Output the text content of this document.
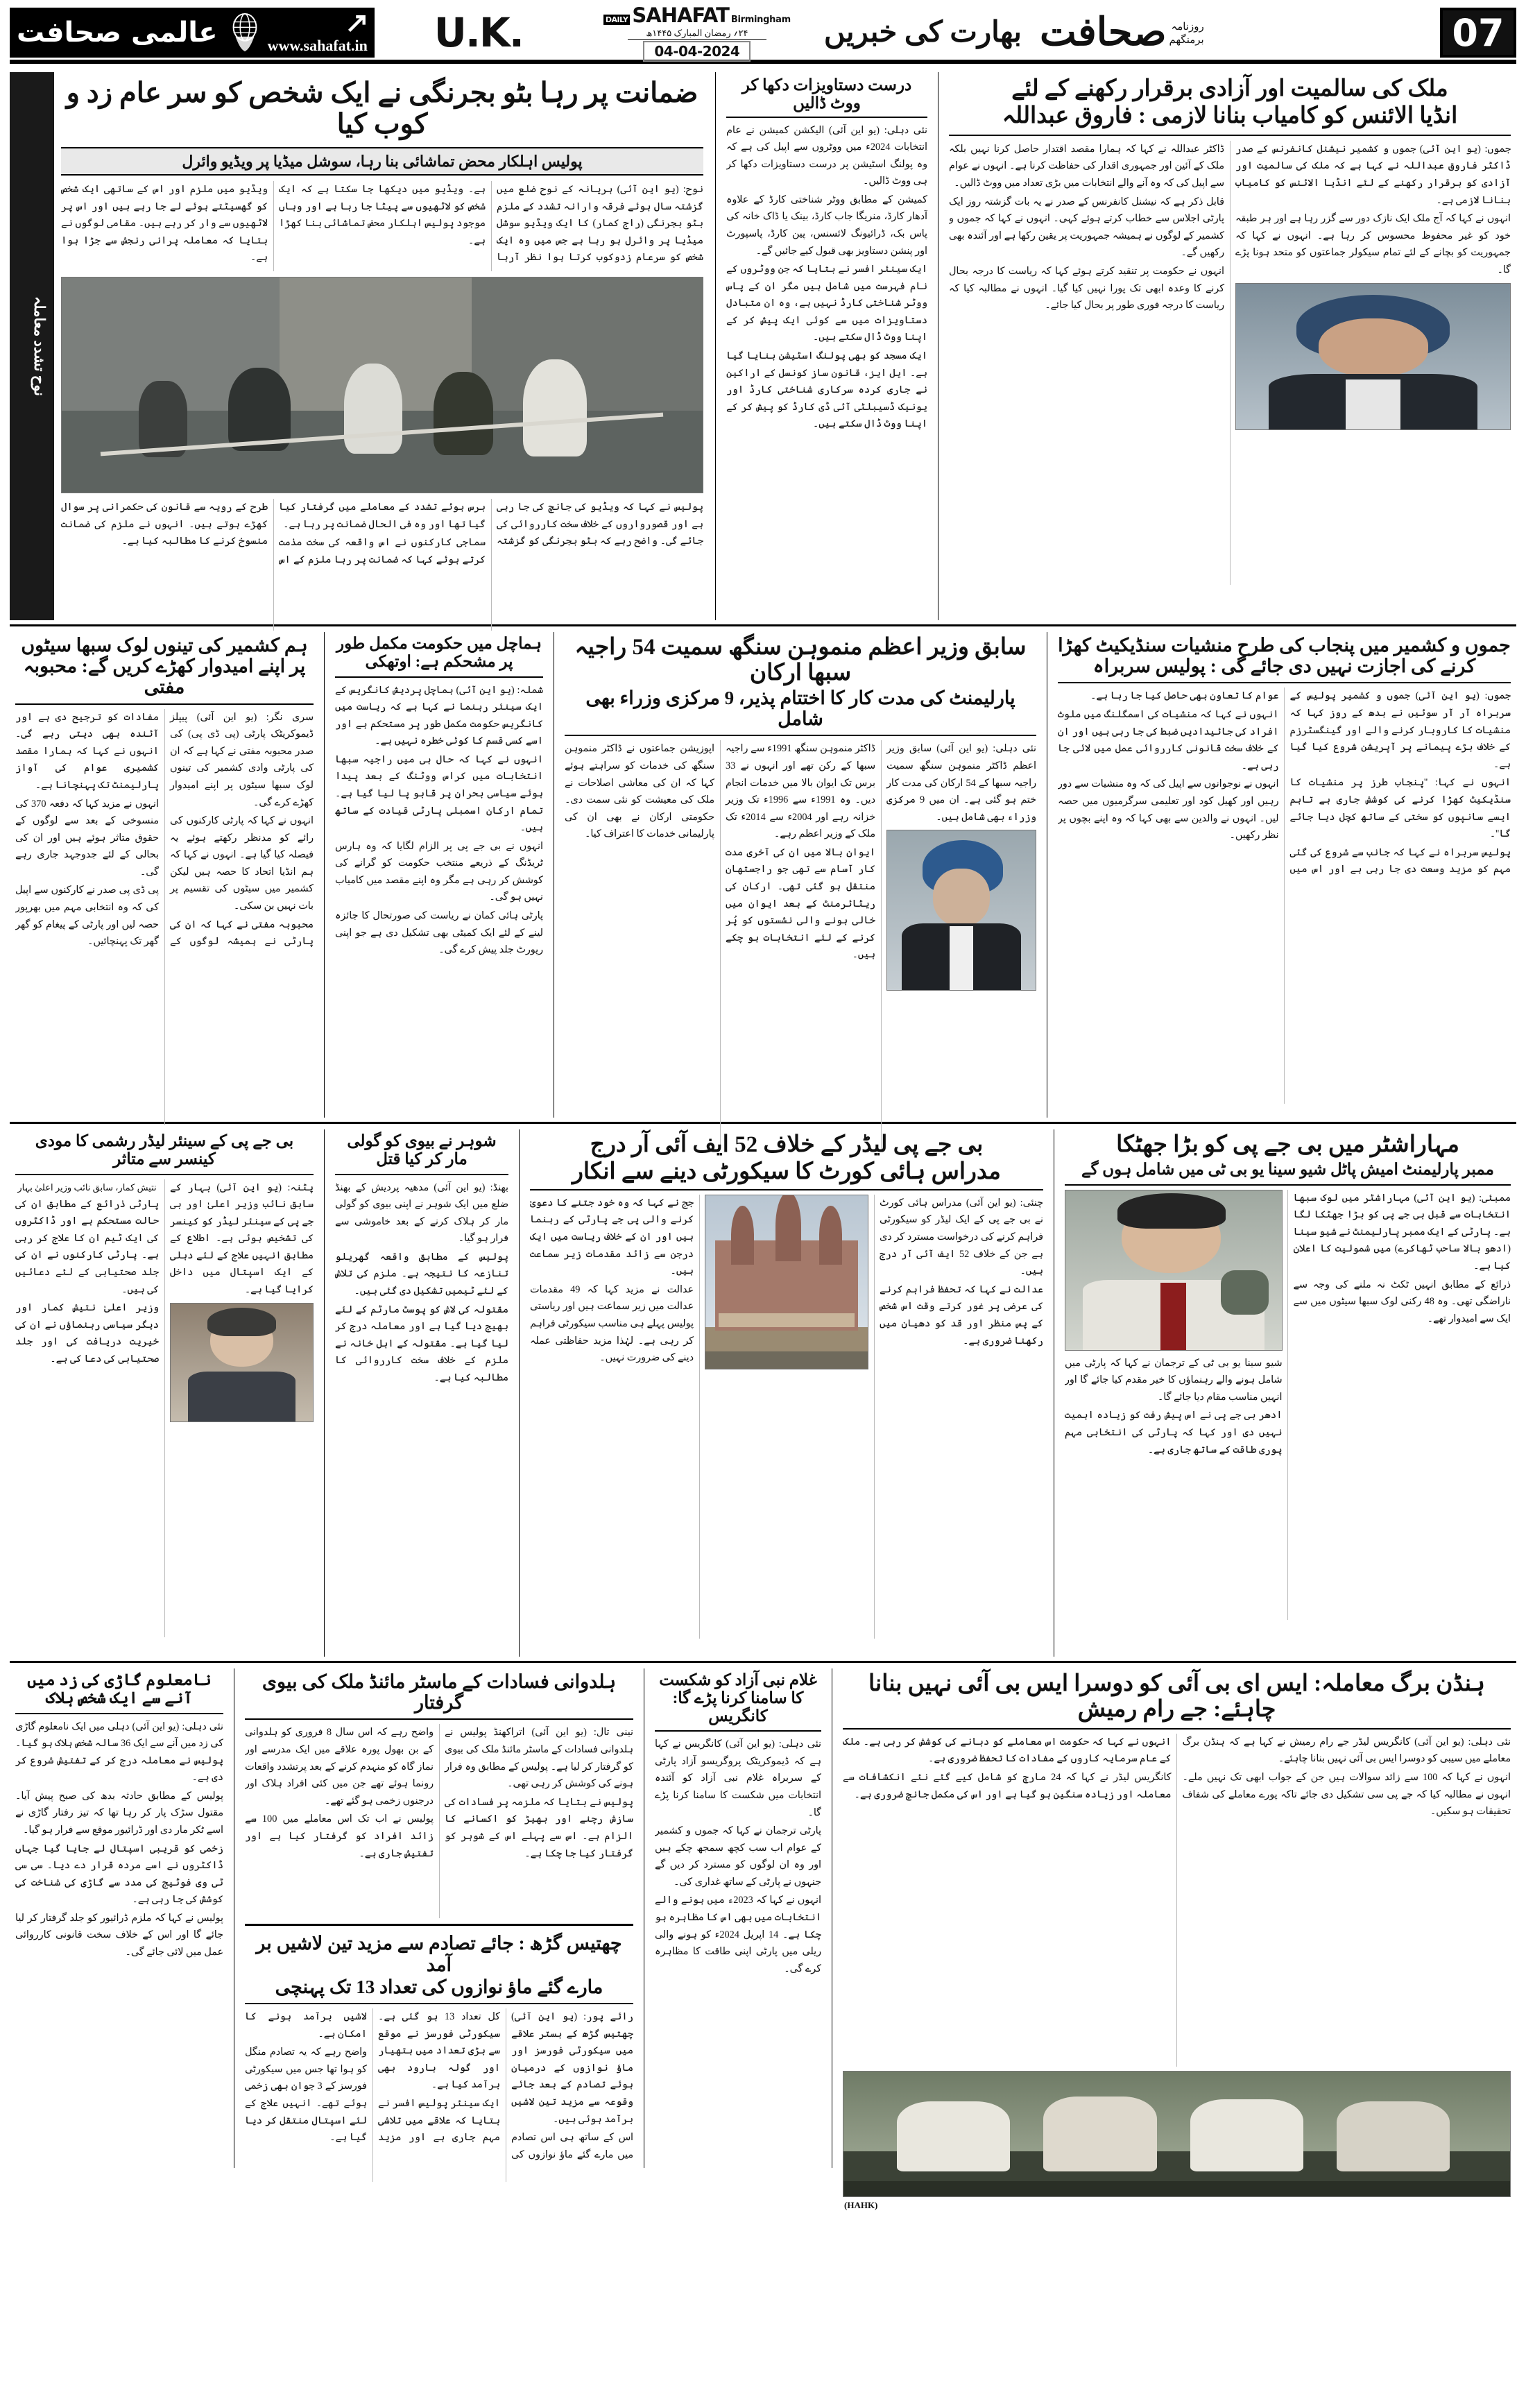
عالمی صحافت	www.sahafat.in	U.K.	DAILY SAHAFAT Birmingham
۲۴؍ رمضان المبارک ۱۴۴۵ھ
04-04-2024
بھارت کی خبریں صحافت روزنامہ
برمنگھم	07
نوح تشدد معاملہ
ضمانت پر رہا بٹو بجرنگی نے ایک شخص کو سر عام زد و کوب کیا
پولیس اہلکار محض تماشائی بنا رہا، سوشل میڈیا پر ویڈیو وائرل

نوح: (یو این آئی) ہریانہ کے نوح ضلع میں گزشتہ سال ہوئے فرقہ وارانہ تشدد کے ملزم بٹو بجرنگی (راج کمار) کا ایک ویڈیو سوشل میڈیا پر وائرل ہو رہا ہے جس میں وہ ایک شخص کو سرعام زدوکوب کرتا ہوا نظر آرہا ہے۔ ویڈیو میں دیکھا جا سکتا ہے کہ ایک شخص کو لاٹھیوں سے پیٹا جا رہا ہے اور وہاں موجود پولیس اہلکار محض تماشائی بنا کھڑا ہے۔

ویڈیو میں ملزم اور اس کے ساتھی ایک شخص کو گھسیٹتے ہوئے لے جا رہے ہیں اور اس پر لاٹھیوں سے وار کر رہے ہیں۔ مقامی لوگوں نے بتایا کہ معاملہ پرانی رنجش سے جڑا ہوا ہے۔

پولیس نے کہا کہ ویڈیو کی جانچ کی جا رہی ہے اور قصورواروں کے خلاف سخت کارروائی کی جائے گی۔ واضح رہے کہ بٹو بجرنگی کو گزشتہ برس ہوئے تشدد کے معاملے میں گرفتار کیا گیا تھا اور وہ فی الحال ضمانت پر رہا ہے۔

سماجی کارکنوں نے اس واقعہ کی سخت مذمت کرتے ہوئے کہا کہ ضمانت پر رہا ملزم کے اس طرح کے رویہ سے قانون کی حکمرانی پر سوال کھڑے ہوتے ہیں۔ انہوں نے ملزم کی ضمانت منسوخ کرنے کا مطالبہ کیا ہے۔

درست دستاویزات دکھا کر ووٹ ڈالیں

نئی دہلی: (یو این آئی) الیکشن کمیشن نے عام انتخابات 2024ء میں ووٹروں سے اپیل کی ہے کہ وہ پولنگ اسٹیشن پر درست دستاویزات دکھا کر ہی ووٹ ڈالیں۔

کمیشن کے مطابق ووٹر شناختی کارڈ کے علاوہ آدھار کارڈ، منریگا جاب کارڈ، بینک یا ڈاک خانہ کی پاس بک، ڈرائیونگ لائسنس، پین کارڈ، پاسپورٹ اور پنشن دستاویز بھی قبول کیے جائیں گے۔

ایک سینئر افسر نے بتایا کہ جن ووٹروں کے نام فہرست میں شامل ہیں مگر ان کے پاس ووٹر شناختی کارڈ نہیں ہے، وہ ان متبادل دستاویزات میں سے کوئی ایک پیش کر کے اپنا ووٹ ڈال سکتے ہیں۔

ایک مسجد کو بھی پولنگ اسٹیشن بنایا گیا ہے۔ ایل ایز، قانون ساز کونسل کے اراکین نے جاری کردہ سرکاری شناختی کارڈ اور یونیک ڈسیبلٹی آئی ڈی کارڈ کو پیش کر کے اپنا ووٹ ڈال سکتے ہیں۔

ملک کی سالمیت اور آزادی برقرار رکھنے کے لئے
انڈیا الائنس کو کامیاب بنانا لازمی : فاروق عبداللہ

جموں: (یو این آئی) جموں و کشمیر نیشنل کانفرنس کے صدر ڈاکٹر فاروق عبداللہ نے کہا ہے کہ ملک کی سالمیت اور آزادی کو برقرار رکھنے کے لئے انڈیا الائنس کو کامیاب بنانا لازمی ہے۔

انہوں نے کہا کہ آج ملک ایک نازک دور سے گزر رہا ہے اور ہر طبقہ خود کو غیر محفوظ محسوس کر رہا ہے۔ انہوں نے کہا کہ جمہوریت کو بچانے کے لئے تمام سیکولر جماعتوں کو متحد ہونا پڑے گا۔

ڈاکٹر عبداللہ نے کہا کہ ہمارا مقصد اقتدار حاصل کرنا نہیں بلکہ ملک کے آئین اور جمہوری اقدار کی حفاظت کرنا ہے۔ انہوں نے عوام سے اپیل کی کہ وہ آنے والے انتخابات میں بڑی تعداد میں ووٹ ڈالیں۔

قابل ذکر ہے کہ نیشنل کانفرنس کے صدر نے یہ بات گزشتہ روز ایک پارٹی اجلاس سے خطاب کرتے ہوئے کہی۔ انہوں نے کہا کہ جموں و کشمیر کے لوگوں نے ہمیشہ جمہوریت پر یقین رکھا ہے اور آئندہ بھی رکھیں گے۔

انہوں نے حکومت پر تنقید کرتے ہوئے کہا کہ ریاست کا درجہ بحال کرنے کا وعدہ ابھی تک پورا نہیں کیا گیا۔ انہوں نے مطالبہ کیا کہ ریاست کا درجہ فوری طور پر بحال کیا جائے۔

ہم کشمیر کی تینوں لوک سبھا سیٹوں پر اپنے امیدوار کھڑے کریں گے: محبوبہ مفتی

سری نگر: (یو این آئی) پیپلز ڈیموکریٹک پارٹی (پی ڈی پی) کی صدر محبوبہ مفتی نے کہا ہے کہ ان کی پارٹی وادی کشمیر کی تینوں لوک سبھا سیٹوں پر اپنے امیدوار کھڑے کرے گی۔

انہوں نے کہا کہ پارٹی کارکنوں کی رائے کو مدنظر رکھتے ہوئے یہ فیصلہ کیا گیا ہے۔ انہوں نے کہا کہ ہم انڈیا اتحاد کا حصہ ہیں لیکن کشمیر میں سیٹوں کی تقسیم پر بات نہیں بن سکی۔

محبوبہ مفتی نے کہا کہ ان کی پارٹی نے ہمیشہ لوگوں کے مفادات کو ترجیح دی ہے اور آئندہ بھی دیتی رہے گی۔ انہوں نے کہا کہ ہمارا مقصد کشمیری عوام کی آواز پارلیمنٹ تک پہنچانا ہے۔

انہوں نے مزید کہا کہ دفعہ 370 کی منسوخی کے بعد سے لوگوں کے حقوق متاثر ہوئے ہیں اور ان کی بحالی کے لئے جدوجہد جاری رہے گی۔

پی ڈی پی صدر نے کارکنوں سے اپیل کی کہ وہ انتخابی مہم میں بھرپور حصہ لیں اور پارٹی کے پیغام کو گھر گھر تک پہنچائیں۔

ہماچل میں حکومت مکمل طور پر مشحکم ہے: اوتھکی

شملہ: (یو این آئی) ہماچل پردیش کانگریس کے ایک سینئر رہنما نے کہا ہے کہ ریاست میں کانگریس حکومت مکمل طور پر مستحکم ہے اور اسے کسی قسم کا کوئی خطرہ نہیں ہے۔

انہوں نے کہا کہ حال ہی میں راجیہ سبھا انتخابات میں کراس ووٹنگ کے بعد پیدا ہوئے سیاسی بحران پر قابو پا لیا گیا ہے۔ تمام ارکان اسمبلی پارٹی قیادت کے ساتھ ہیں۔

انہوں نے بی جے پی پر الزام لگایا کہ وہ ہارس ٹریڈنگ کے ذریعے منتخب حکومت کو گرانے کی کوشش کر رہی ہے مگر وہ اپنے مقصد میں کامیاب نہیں ہو گی۔

پارٹی ہائی کمان نے ریاست کی صورتحال کا جائزہ لینے کے لئے ایک کمیٹی بھی تشکیل دی ہے جو اپنی رپورٹ جلد پیش کرے گی۔

سابق وزیر اعظم منموہن سنگھ سمیت 54 راجیہ سبھا ارکان
پارلیمنٹ کی مدت کار کا اختتام پذیر، 9 مرکزی وزراء بھی شامل

نئی دہلی: (یو این آئی) سابق وزیر اعظم ڈاکٹر منموہن سنگھ سمیت راجیہ سبھا کے 54 ارکان کی مدت کار ختم ہو گئی ہے۔ ان میں 9 مرکزی وزراء بھی شامل ہیں۔

ڈاکٹر منموہن سنگھ 1991ء سے راجیہ سبھا کے رکن تھے اور انہوں نے 33 برس تک ایوان بالا میں خدمات انجام دیں۔ وہ 1991ء سے 1996ء تک وزیر خزانہ رہے اور 2004ء سے 2014ء تک ملک کے وزیر اعظم رہے۔

ایوان بالا میں ان کی آخری مدت کار آسام سے تھی جو راجستھان منتقل ہو گئی تھی۔ ارکان کی ریٹائرمنٹ کے بعد ایوان میں خالی ہونے والی نشستوں کو پُر کرنے کے لئے انتخابات ہو چکے ہیں۔

اپوزیشن جماعتوں نے ڈاکٹر منموہن سنگھ کی خدمات کو سراہتے ہوئے کہا کہ ان کی معاشی اصلاحات نے ملک کی معیشت کو نئی سمت دی۔ حکومتی ارکان نے بھی ان کی پارلیمانی خدمات کا اعتراف کیا۔

جموں و کشمیر میں پنجاب کی طرح منشیات سنڈیکیٹ کھڑا کرنے کی اجازت نہیں دی جائے گی : پولیس سربراہ

جموں: (یو این آئی) جموں و کشمیر پولیس کے سربراہ آر آر سوئیں نے بدھ کے روز کہا کہ منشیات کا کاروبار کرنے والے اور گینگسٹرزم کے خلاف بڑے پیمانے پر آپریشن شروع کیا گیا ہے۔

انہوں نے کہا: ''پنجاب طرز پر منشیات کا سنڈیکیٹ کھڑا کرنے کی کوشش جاری ہے تاہم ایسے سانپوں کو سختی کے ساتھ کچل دیا جائے گا''۔

پولیس سربراہ نے کہا کہ جانب سے شروع کی گئی مہم کو مزید وسعت دی جا رہی ہے اور اس میں عوام کا تعاون بھی حاصل کیا جا رہا ہے۔

انہوں نے کہا کہ منشیات کی اسمگلنگ میں ملوث افراد کی جائیدادیں ضبط کی جا رہی ہیں اور ان کے خلاف سخت قانونی کارروائی عمل میں لائی جا رہی ہے۔

انہوں نے نوجوانوں سے اپیل کی کہ وہ منشیات سے دور رہیں اور کھیل کود اور تعلیمی سرگرمیوں میں حصہ لیں۔ انہوں نے والدین سے بھی کہا کہ وہ اپنے بچوں پر نظر رکھیں۔

بی جے پی کے سینئر لیڈر رشمی کا مودی کینسر سے متاثر

پٹنہ: (یو این آئی) بہار کے سابق نائب وزیر اعلیٰ اور بی جے پی کے سینئر لیڈر کو کینسر کی تشخیص ہوئی ہے۔ اطلاع کے مطابق انہیں علاج کے لئے دہلی کے ایک اسپتال میں داخل کرایا گیا ہے۔

نتیش کمار، سابق نائب وزیر اعلیٰ بہار

پارٹی ذرائع کے مطابق ان کی حالت مستحکم ہے اور ڈاکٹروں کی ایک ٹیم ان کا علاج کر رہی ہے۔ پارٹی کارکنوں نے ان کی جلد صحتیابی کے لئے دعائیں کی ہیں۔

وزیر اعلیٰ نتیش کمار اور دیگر سیاسی رہنماؤں نے ان کی خیریت دریافت کی اور جلد صحتیابی کی دعا کی ہے۔

شوہر نے بیوی کو گولی مار کر کیا قتل

بھنڈ: (یو این آئی) مدھیہ پردیش کے بھنڈ ضلع میں ایک شوہر نے اپنی بیوی کو گولی مار کر ہلاک کرنے کے بعد خاموشی سے فرار ہو گیا۔

پولیس کے مطابق واقعہ گھریلو تنازعہ کا نتیجہ ہے۔ ملزم کی تلاش کے لئے ٹیمیں تشکیل دی گئی ہیں۔

مقتولہ کی لاش کو پوسٹ مارٹم کے لئے بھیج دیا گیا ہے اور معاملہ درج کر لیا گیا ہے۔ مقتولہ کے اہل خانہ نے ملزم کے خلاف سخت کارروائی کا مطالبہ کیا ہے۔

بی جے پی لیڈر کے خلاف 52 ایف آئی آر درج
مدراس ہائی کورٹ کا سیکورٹی دینے سے انکار

چنئی: (یو این آئی) مدراس ہائی کورٹ نے بی جے پی کے ایک لیڈر کو سیکورٹی فراہم کرنے کی درخواست مسترد کر دی ہے جن کے خلاف 52 ایف آئی آر درج ہیں۔

عدالت نے کہا کہ تحفظ فراہم کرنے کی عرضی پر غور کرتے وقت اس شخص کے پس منظر اور قد کو دھیان میں رکھنا ضروری ہے۔

جج نے کہا کہ وہ خود جتنے کا دعویٰ کرنے والی پی جے پارٹی کے رہنما ہیں اور ان کے خلاف ریاست میں ایک درجن سے زائد مقدمات زیر سماعت ہیں۔

عدالت نے مزید کہا کہ 49 مقدمات عدالت میں زیر سماعت ہیں اور ریاستی پولیس پہلے ہی مناسب سیکورٹی فراہم کر رہی ہے۔ لہٰذا مزید حفاظتی عملہ دینے کی ضرورت نہیں۔

مہاراشٹر میں بی جے پی کو بڑا جھٹکا
ممبر پارلیمنٹ امیش پاٹل شیو سینا یو بی ٹی میں شامل ہوں گے

ممبئی: (یو این آئی) مہاراشٹر میں لوک سبھا انتخابات سے قبل بی جے پی کو بڑا جھٹکا لگا ہے۔ پارٹی کے ایک ممبر پارلیمنٹ نے شیو سینا (ادھو بالا ساحب ٹھاکرے) میں شمولیت کا اعلان کیا ہے۔

ذرائع کے مطابق انہیں ٹکٹ نہ ملنے کی وجہ سے ناراضگی تھی۔ وہ 48 رکنی لوک سبھا سیٹوں میں سے ایک سے امیدوار تھے۔

شیو سینا یو بی ٹی کے ترجمان نے کہا کہ پارٹی میں شامل ہونے والے رہنماؤں کا خیر مقدم کیا جائے گا اور انہیں مناسب مقام دیا جائے گا۔

ادھر بی جے پی نے اس پیش رفت کو زیادہ اہمیت نہیں دی اور کہا کہ پارٹی کی انتخابی مہم پوری طاقت کے ساتھ جاری ہے۔

نامعلوم گاڑی کی زد میں آنے سے ایک شخص ہلاک

نئی دہلی: (یو این آئی) دہلی میں ایک نامعلوم گاڑی کی زد میں آنے سے ایک 36 سالہ شخص ہلاک ہو گیا۔ پولیس نے معاملہ درج کر کے تفتیش شروع کر دی ہے۔

پولیس کے مطابق حادثہ بدھ کی صبح پیش آیا۔ مقتول سڑک پار کر رہا تھا کہ تیز رفتار گاڑی نے اسے ٹکر مار دی اور ڈرائیور موقع سے فرار ہو گیا۔

زخمی کو قریبی اسپتال لے جایا گیا جہاں ڈاکٹروں نے اسے مردہ قرار دے دیا۔ سی سی ٹی وی فوٹیج کی مدد سے گاڑی کی شناخت کی کوشش کی جا رہی ہے۔

پولیس نے کہا کہ ملزم ڈرائیور کو جلد گرفتار کر لیا جائے گا اور اس کے خلاف سخت قانونی کارروائی عمل میں لائی جائے گی۔

ہلدوانی فسادات کے ماسٹر مائنڈ ملک کی بیوی گرفتار

نینی تال: (یو این آئی) اتراکھنڈ پولیس نے ہلدوانی فسادات کے ماسٹر مائنڈ ملک کی بیوی کو گرفتار کر لیا ہے۔ پولیس کے مطابق وہ فرار ہونے کی کوشش کر رہی تھی۔

پولیس نے بتایا کہ ملزمہ پر فسادات کی سازش رچنے اور بھیڑ کو اکسانے کا الزام ہے۔ اس سے پہلے اس کے شوہر کو گرفتار کیا جا چکا ہے۔

واضح رہے کہ اس سال 8 فروری کو ہلدوانی کے بن بھول پورہ علاقے میں ایک مدرسے اور نماز گاہ کو منہدم کرنے کے بعد پرتشدد واقعات رونما ہوئے تھے جن میں کئی افراد ہلاک اور درجنوں زخمی ہو گئے تھے۔

پولیس نے اب تک اس معاملے میں 100 سے زائد افراد کو گرفتار کیا ہے اور تفتیش جاری ہے۔

چھتیس گڑھ : جائے تصادم سے مزید تین لاشیں بر آمد
مارے گئے ماؤ نوازوں کی تعداد 13 تک پہنچی

رائے پور: (یو این آئی) چھتیس گڑھ کے بستر علاقے میں سیکورٹی فورسز اور ماؤ نوازوں کے درمیان ہوئے تصادم کے بعد جائے وقوعہ سے مزید تین لاشیں برآمد ہوئی ہیں۔

اس کے ساتھ ہی اس تصادم میں مارے گئے ماؤ نوازوں کی کل تعداد 13 ہو گئی ہے۔ سیکورٹی فورسز نے موقع سے بڑی تعداد میں ہتھیار اور گولہ بارود بھی برآمد کیا ہے۔

ایک سینئر پولیس افسر نے بتایا کہ علاقے میں تلاشی مہم جاری ہے اور مزید لاشیں برآمد ہونے کا امکان ہے۔

واضح رہے کہ یہ تصادم منگل کو ہوا تھا جس میں سیکورٹی فورسز کے 3 جوان بھی زخمی ہوئے تھے۔ انہیں علاج کے لئے اسپتال منتقل کر دیا گیا ہے۔

غلام نبی آزاد کو شکست کا سامنا کرنا پڑے گا: کانگریس

نئی دہلی: (یو این آئی) کانگریس نے کہا ہے کہ ڈیموکریٹک پروگریسو آزاد پارٹی کے سربراہ غلام نبی آزاد کو آئندہ انتخابات میں شکست کا سامنا کرنا پڑے گا۔

پارٹی ترجمان نے کہا کہ جموں و کشمیر کے عوام اب سب کچھ سمجھ چکے ہیں اور وہ ان لوگوں کو مسترد کر دیں گے جنہوں نے پارٹی کے ساتھ غداری کی۔

انہوں نے کہا کہ 2023ء میں ہونے والے انتخابات میں بھی اس کا مظاہرہ ہو چکا ہے۔ 14 اپریل 2024ء کو ہونے والی ریلی میں پارٹی اپنی طاقت کا مظاہرہ کرے گی۔

ہنڈن برگ معاملہ: ایس ای بی آئی کو دوسرا ایس بی آئی نہیں بنانا چاہئے: جے رام رمیش

نئی دہلی: (یو این آئی) کانگریس لیڈر جے رام رمیش نے کہا ہے کہ ہنڈن برگ معاملے میں سیبی کو دوسرا ایس بی آئی نہیں بنانا چاہئے۔

انہوں نے کہا کہ 100 سے زائد سوالات ہیں جن کے جواب ابھی تک نہیں ملے۔ انہوں نے مطالبہ کیا کہ جے پی سی تشکیل دی جائے تاکہ پورے معاملے کی شفاف تحقیقات ہو سکیں۔

انہوں نے کہا کہ حکومت اس معاملے کو دبانے کی کوشش کر رہی ہے۔ ملک کے عام سرمایہ کاروں کے مفادات کا تحفظ ضروری ہے۔

کانگریس لیڈر نے کہا کہ 24 مارچ کو شامل کیے گئے نئے انکشافات سے معاملہ اور زیادہ سنگین ہو گیا ہے اور اس کی مکمل جانچ ضروری ہے۔

(HAHK)
